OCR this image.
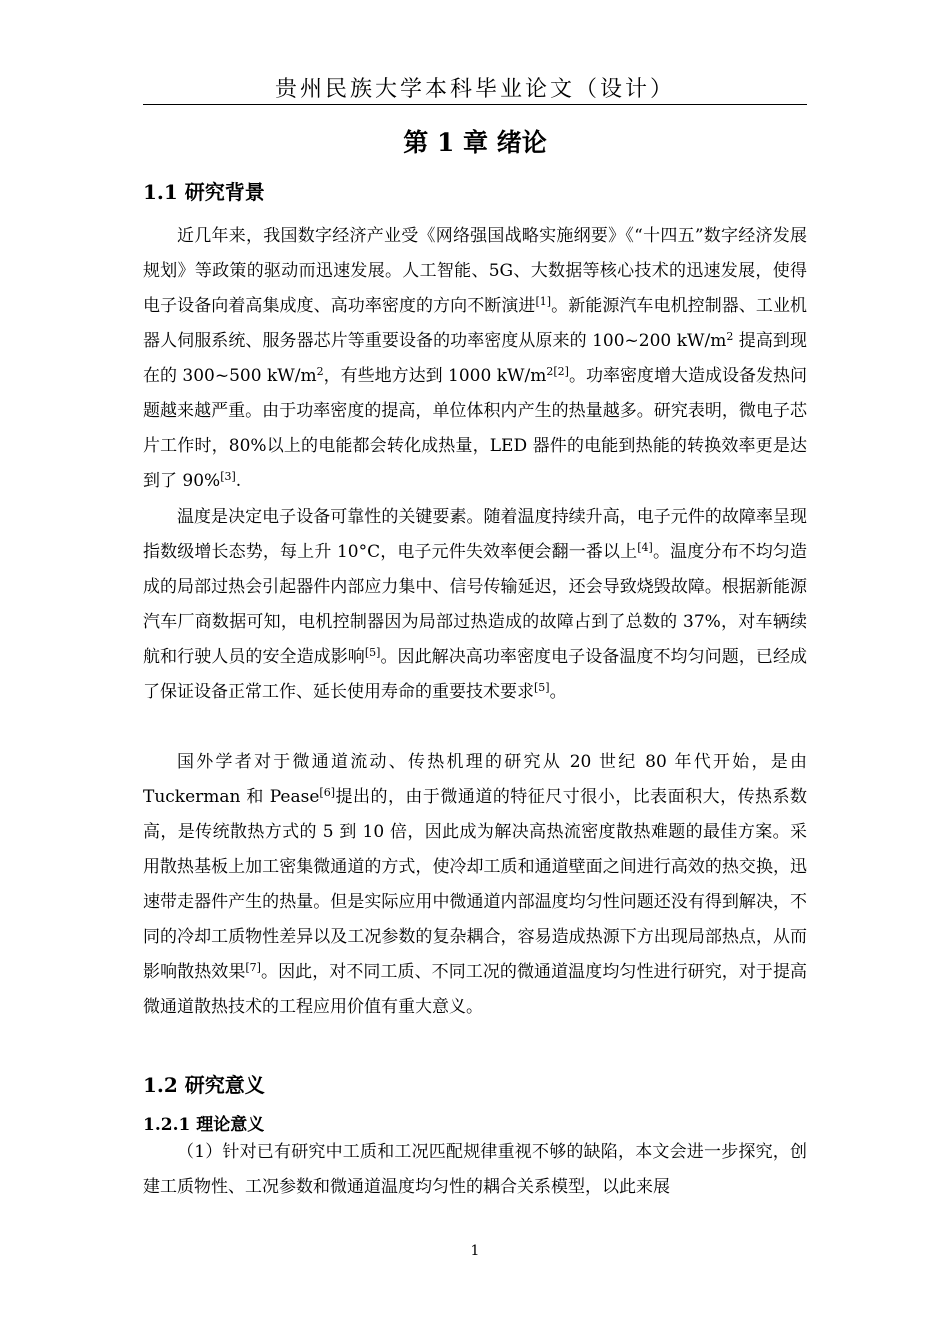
贵州民族大学本科毕业论文（设计）
第 1 章 绪论
1.1 研究背景
近几年来，我国数字经济产业受《网络强国战略实施纲要》《“十四五”数字经济发展规划》等政策的驱动而迅速发展。人工智能、5G、大数据等核心技术的迅速发展，使得电子设备向着高集成度、高功率密度的方向不断演进[1]。新能源汽车电机控制器、工业机器人伺服系统、服务器芯片等重要设备的功率密度从原来的 100~200 $kW/m^2$ 提高到现在的 300~500 $kW/m^2$，有些地方达到 1000 $kW/m^{2[2]}$。功率密度增大造成设备发热问题越来越严重。由于功率密度的提高，单位体积内产生的热量越多。研究表明，微电子芯片工作时，80%以上的电能都会转化成热量，LED 器件的电能到热能的转换效率更是达到了 90%[3].
温度是决定电子设备可靠性的关键要素。随着温度持续升高，电子元件的故障率呈现指数级增长态势，每上升 10°C，电子元件失效率便会翻一番以上[4]。温度分布不均匀造成的局部过热会引起器件内部应力集中、信号传输延迟，还会导致烧毁故障。根据新能源汽车厂商数据可知，电机控制器因为局部过热造成的故障占到了总数的 37%，对车辆续航和行驶人员的安全造成影响[5]。因此解决高功率密度电子设备温度不均匀问题，已经成了保证设备正常工作、延长使用寿命的重要技术要求[5]。
国外学者对于微通道流动、传热机理的研究从 20 世纪 80 年代开始，是由 Tuckerman 和 Pease[6]提出的，由于微通道的特征尺寸很小，比表面积大，传热系数高，是传统散热方式的 5 到 10 倍，因此成为解决高热流密度散热难题的最佳方案。采用散热基板上加工密集微通道的方式，使冷却工质和通道壁面之间进行高效的热交换，迅速带走器件产生的热量。但是实际应用中微通道内部温度均匀性问题还没有得到解决，不同的冷却工质物性差异以及工况参数的复杂耦合，容易造成热源下方出现局部热点，从而影响散热效果[7]。因此，对不同工质、不同工况的微通道温度均匀性进行研究，对于提高微通道散热技术的工程应用价值有重大意义。
1.2 研究意义
1.2.1 理论意义
（1）针对已有研究中工质和工况匹配规律重视不够的缺陷，本文会进一步探究，创建工质物性、工况参数和微通道温度均匀性的耦合关系模型，以此来展
1
